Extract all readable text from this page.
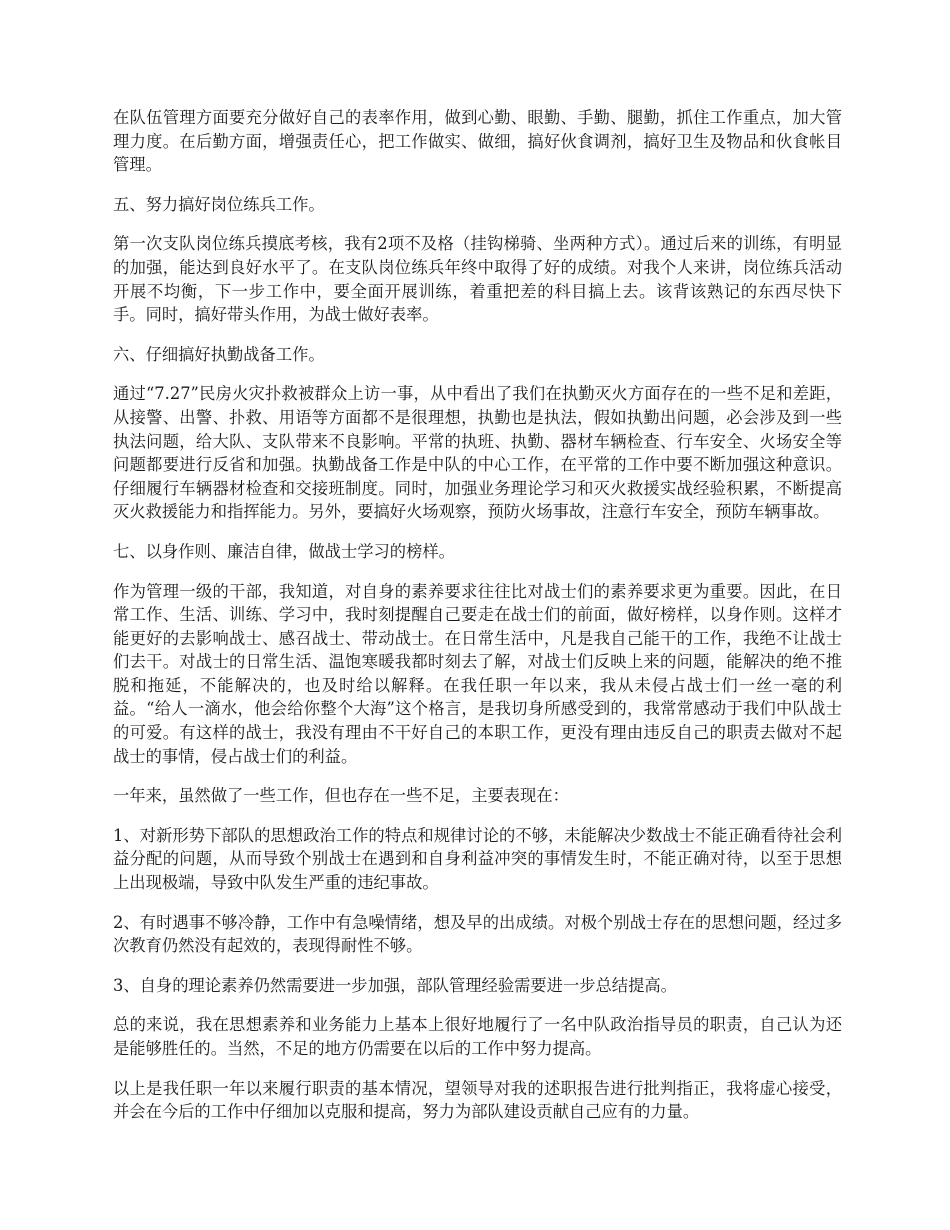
在队伍管理方面要充分做好自己的表率作用，做到心勤、眼勤、手勤、腿勤，抓住工作重点，加大管理力度。在后勤方面，增强责任心，把工作做实、做细，搞好伙食调剂，搞好卫生及物品和伙食帐目管理。

五、努力搞好岗位练兵工作。

第一次支队岗位练兵摸底考核，我有2项不及格（挂钩梯骑、坐两种方式）。通过后来的训练，有明显的加强，能达到良好水平了。在支队岗位练兵年终中取得了好的成绩。对我个人来讲，岗位练兵活动开展不均衡，下一步工作中，要全面开展训练，着重把差的科目搞上去。该背该熟记的东西尽快下手。同时，搞好带头作用，为战士做好表率。

六、仔细搞好执勤战备工作。

通过“7.27”民房火灾扑救被群众上访一事，从中看出了我们在执勤灭火方面存在的一些不足和差距，从接警、出警、扑救、用语等方面都不是很理想，执勤也是执法，假如执勤出问题，必会涉及到一些执法问题，给大队、支队带来不良影响。平常的执班、执勤、器材车辆检查、行车安全、火场安全等问题都要进行反省和加强。执勤战备工作是中队的中心工作，在平常的工作中要不断加强这种意识。仔细履行车辆器材检查和交接班制度。同时，加强业务理论学习和灭火救援实战经验积累，不断提高灭火救援能力和指挥能力。另外，要搞好火场观察，预防火场事故，注意行车安全，预防车辆事故。

七、以身作则、廉洁自律，做战士学习的榜样。

作为管理一级的干部，我知道，对自身的素养要求往往比对战士们的素养要求更为重要。因此，在日常工作、生活、训练、学习中，我时刻提醒自己要走在战士们的前面，做好榜样，以身作则。这样才能更好的去影响战士、感召战士、带动战士。在日常生活中，凡是我自己能干的工作，我绝不让战士们去干。对战士的日常生活、温饱寒暖我都时刻去了解，对战士们反映上来的问题，能解决的绝不推脱和拖延，不能解决的，也及时给以解释。在我任职一年以来，我从未侵占战士们一丝一毫的利益。“给人一滴水，他会给你整个大海”这个格言，是我切身所感受到的，我常常感动于我们中队战士的可爱。有这样的战士，我没有理由不干好自己的本职工作，更没有理由违反自己的职责去做对不起战士的事情，侵占战士们的利益。

一年来，虽然做了一些工作，但也存在一些不足，主要表现在：

1、对新形势下部队的思想政治工作的特点和规律讨论的不够，未能解决少数战士不能正确看待社会利益分配的问题，从而导致个别战士在遇到和自身利益冲突的事情发生时，不能正确对待，以至于思想上出现极端，导致中队发生严重的违纪事故。

2、有时遇事不够冷静，工作中有急噪情绪，想及早的出成绩。对极个别战士存在的思想问题，经过多次教育仍然没有起效的，表现得耐性不够。

3、自身的理论素养仍然需要进一步加强，部队管理经验需要进一步总结提高。

总的来说，我在思想素养和业务能力上基本上很好地履行了一名中队政治指导员的职责，自己认为还是能够胜任的。当然，不足的地方仍需要在以后的工作中努力提高。

以上是我任职一年以来履行职责的基本情况，望领导对我的述职报告进行批判指正，我将虚心接受，并会在今后的工作中仔细加以克服和提高，努力为部队建设贡献自己应有的力量。
